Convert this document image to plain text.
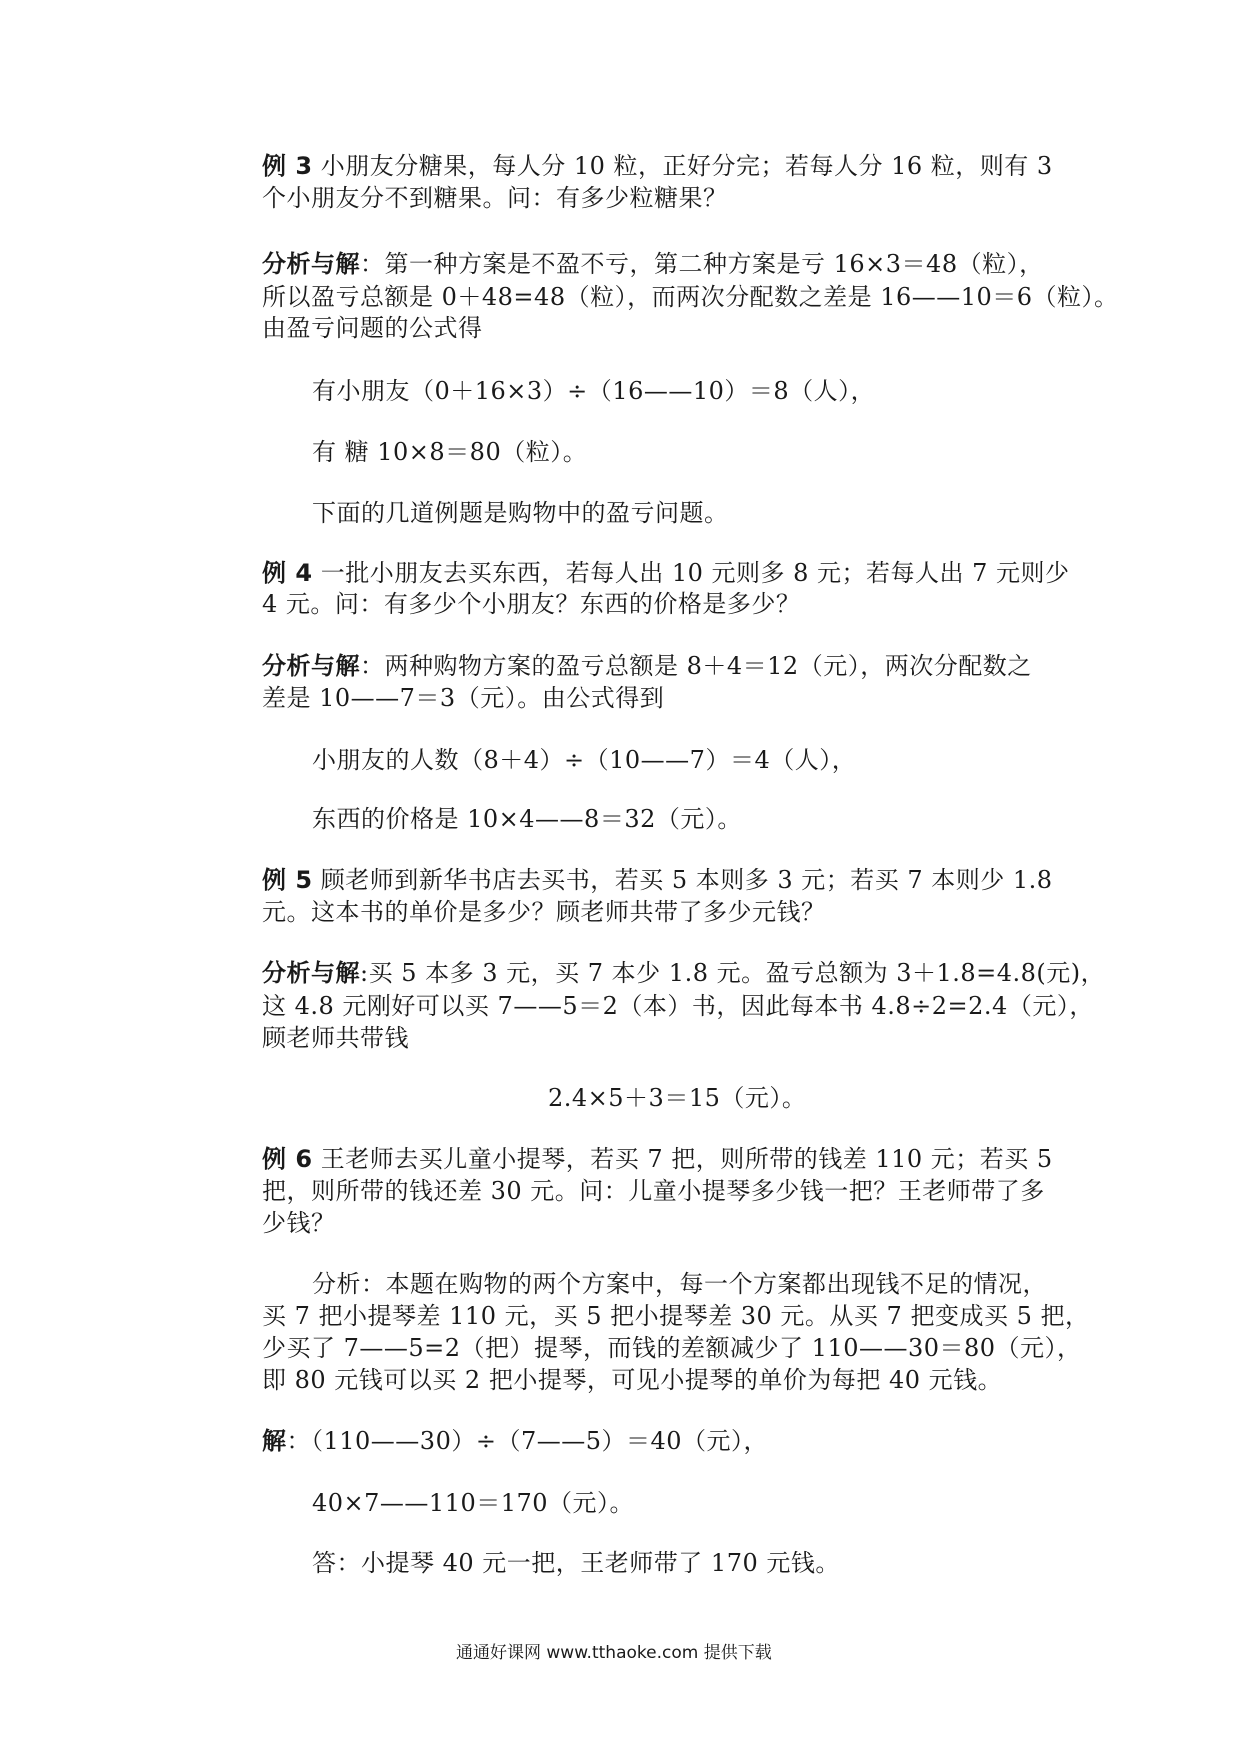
例 3 小朋友分糖果，每人分 10 粒，正好分完；若每人分 16 粒，则有 3
个小朋友分不到糖果。问：有多少粒糖果？
分析与解：第一种方案是不盈不亏，第二种方案是亏 16×3＝48（粒），
所以盈亏总额是 0＋48=48（粒），而两次分配数之差是 16——10＝6（粒）。
由盈亏问题的公式得
有小朋友（0＋16×3）÷（16——10）＝8（人），
有 糖 10×8＝80（粒）。
下面的几道例题是购物中的盈亏问题。
例 4 一批小朋友去买东西，若每人出 10 元则多 8 元；若每人出 7 元则少
4 元。问：有多少个小朋友？东西的价格是多少？
分析与解：两种购物方案的盈亏总额是 8＋4＝12（元），两次分配数之
差是 10——7＝3（元）。由公式得到
小朋友的人数（8＋4）÷（10——7）＝4（人），
东西的价格是 10×4——8＝32（元）。
例 5 顾老师到新华书店去买书，若买 5 本则多 3 元；若买 7 本则少 1.8
元。这本书的单价是多少？顾老师共带了多少元钱？
分析与解:买 5 本多 3 元，买 7 本少 1.8 元。盈亏总额为 3＋1.8=4.8(元)，
这 4.8 元刚好可以买 7——5＝2（本）书，因此每本书 4.8÷2=2.4（元），
顾老师共带钱
2.4×5＋3＝15（元）。
例 6 王老师去买儿童小提琴，若买 7 把，则所带的钱差 110 元；若买 5
把，则所带的钱还差 30 元。问：儿童小提琴多少钱一把？王老师带了多
少钱？
分析：本题在购物的两个方案中，每一个方案都出现钱不足的情况，
买 7 把小提琴差 110 元，买 5 把小提琴差 30 元。从买 7 把变成买 5 把，
少买了 7——5=2（把）提琴，而钱的差额减少了 110——30＝80（元），
即 80 元钱可以买 2 把小提琴，可见小提琴的单价为每把 40 元钱。
解：（110——30）÷（7——5）＝40（元），
40×7——110＝170（元）。
答：小提琴 40 元一把，王老师带了 170 元钱。
通通好课网 www.tthaoke.com 提供下载
